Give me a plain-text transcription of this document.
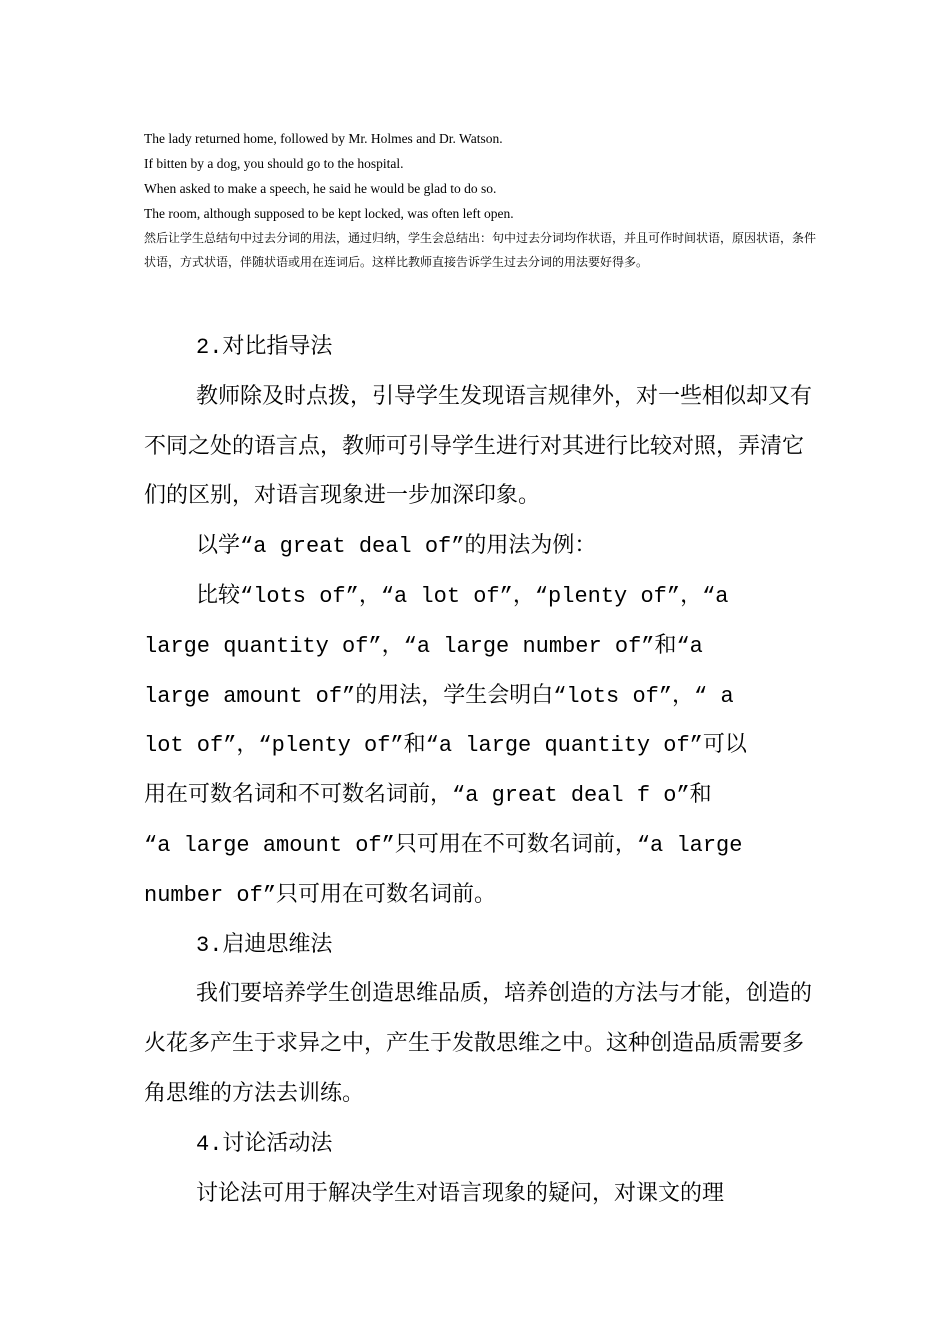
The lady returned home, followed by Mr. Holmes and Dr. Watson.
If bitten by a dog, you should go to the hospital.
When asked to make a speech, he said he would be glad to do so.
The room, although supposed to be kept locked, was often left open.
然后让学生总结句中过去分词的用法，通过归纳，学生会总结出：句中过去分词均作状语，并且可作时间状语，原因状语，条件状语，方式状语，伴随状语或用在连词后。这样比教师直接告诉学生过去分词的用法要好得多。

2.对比指导法

教师除及时点拨，引导学生发现语言规律外，对一些相似却又有不同之处的语言点，教师可引导学生进行对其进行比较对照，弄清它们的区别，对语言现象进一步加深印象。

以学“a great deal of”的用法为例：

比较“lots of”，“a lot of”，“plenty of”，“a

large quantity of”，“a large number of”和“a

large amount of”的用法，学生会明白“lots of”，“ a

lot of”，“plenty of”和“a large quantity of”可以

用在可数名词和不可数名词前，“a great deal f o”和

“a large amount of”只可用在不可数名词前，“a large

number of”只可用在可数名词前。

3.启迪思维法

我们要培养学生创造思维品质，培养创造的方法与才能，创造的火花多产生于求异之中，产生于发散思维之中。这种创造品质需要多角思维的方法去训练。

4.讨论活动法

讨论法可用于解决学生对语言现象的疑问，对课文的理
